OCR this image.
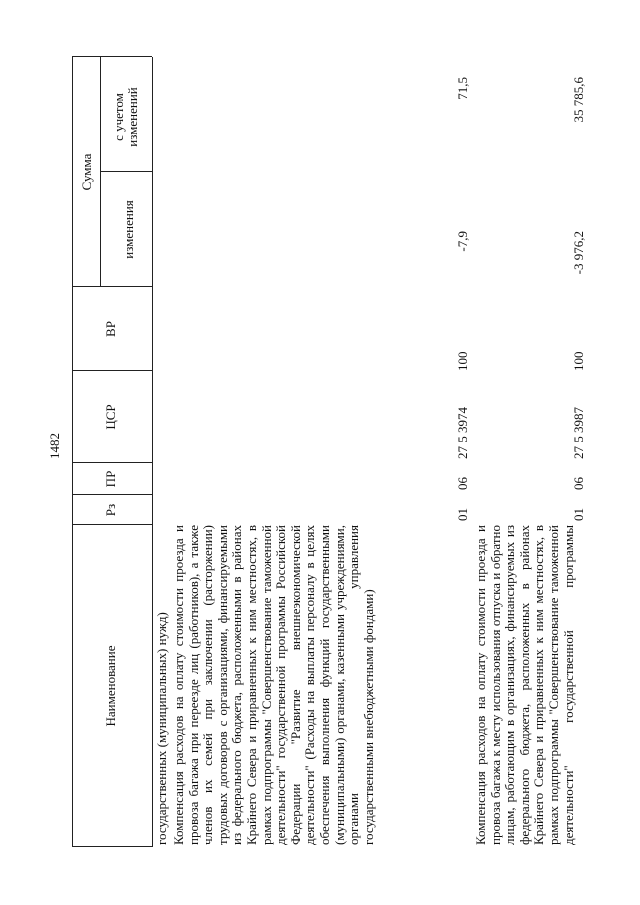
1482
Наименование
Рз
ПР
ЦСР
ВР
Сумма
изменения
с учетом изменений
государственных (муниципальных) нужд) Компенсация расходов на оплату стоимости проезда и провоза багажа при переезде лиц (работников), а также членов их семей при заключении (расторжении) трудовых договоров с организациями, финансируемыми из федерального бюджета, расположенными в районах Крайнего Севера и приравненных к ним местностях, в рамках подпрограммы "Совершенствование таможенной деятельности" государственной программы Российской Федерации "Развитие внешнеэкономической деятельности" (Расходы на выплаты персоналу в целях обеспечения выполнения функций государственными (муниципальными) органами, казенными учреждениями, органами управления государственными внебюджетными фондами)
01
06
27 5 3974
100
-7,9
71,5
Компенсация расходов на оплату стоимости проезда и провоза багажа к месту использования отпуска и обратно лицам, работающим в организациях, финансируемых из федерального бюджета, расположенных в районах Крайнего Севера и приравненных к ним местностях, в рамках подпрограммы "Совершенствование таможенной деятельности" государственной программы
01
06
27 5 3987
100
-3 976,2
35 785,6
